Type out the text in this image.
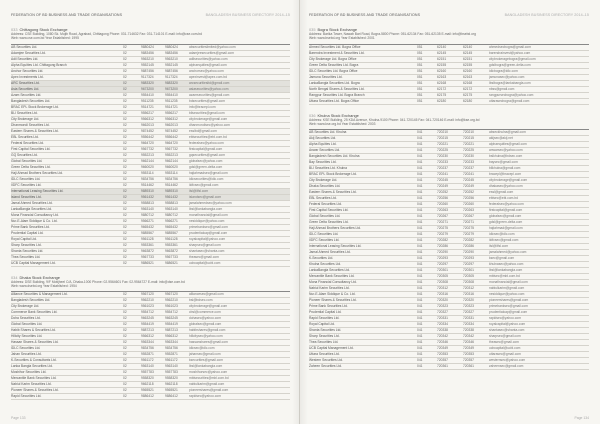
FEDERATION OF BD BUSINESS AND TRADE ORGANISATIONS	BANGLADESH BUSINESS DIRECTORY 2014–15
033 Chittagong Stock Exchange
Address: CSE Building, 1080 Sk. Mujib Road, Agrabad, Chittagong Phone: 031-714632 Fax: 031-714101 E-mail: info@cse.com.bd
Web: www.cse.com.bd Year Established: 1995
AB Securities Ltd.	02	9880424	9880424	absecuritieslimited@yahoo.com
Adamjee Securities Ltd.	02	9883456	9883456	adamjeesecurities@gmail.com
Adil Securities Ltd.	02	9563210	9563210	adilsecurities@yahoo.com
Alpha Equities Ltd. Chittagong Branch	02	9552145	9552145	alphaequities@gmail.com
Anchor Securities Ltd.	02	9887456	9887456	anchorsec@yahoo.com
Apex Investments Ltd.	02	9117324	9117324	apexinvest@apex.com.bd
ARC Securities Ltd.	02	9883320	9883320	arcsecuritiesltd@gmail.com
Asia Securities Ltd.	02	9673200	9673200	asiasecurities@yahoo.com
Azam Securities Ltd.	02	9554410	9554410	azamsecurities@gmail.com
Bangladesh Securities Ltd.	02	9511235	9511235	bdsecurities@gmail.com
BRAC EPL Stock Brokerage Ltd.	02	9514721	9514721	info@bracepl.com
BLI Securities Ltd.	02	9556217	9556217	blisecurities@gmail.com
City Brokerage Ltd.	02	9566312	9566312	citybrokerage@gmail.com
Dhanmondi Securities Ltd.	02	9662013	9662013	dhanmondisec@yahoo.com
Eastern Shares & Securities Ltd.	02	9874452	9874452	esslbd@gmail.com
EBL Securities Ltd.	02	9556442	9556442	eblsecurities@ebl.com.bd
Federal Securities Ltd.	02	9664720	9664720	federalsec@yahoo.com
First Capital Securities Ltd.	02	9567732	9567732	firstcapital@gmail.com
GQ Securities Ltd.	02	9552213	9552213	gqsecurities@gmail.com
Global Securities Ltd.	02	9662144	9662144	globalsec@yahoo.com
Green Delta Securities Ltd.	02	9660020	9660020	gdsl@green-delta.com
Haji Ahmad Brothers Securities Ltd.	02	9553114	9553114	hajiahmadsec@gmail.com
IDLC Securities Ltd.	02	9834756	9834756	idlcsecurities@idlc.com
IIDFC Securities Ltd.	02	9514462	9514462	iidfcsec@gmail.com
International Leasing Securities Ltd.	02	9889310	9889310	ilsl@ilfsl.com
Island Securities Ltd.	02	9561432	9561432	islandsec@gmail.com
Jamal Ahmed Securities Ltd.	02	9558813	9558813	jamalahmedsec@yahoo.com
LankaBangla Securities Ltd.	02	9563140	9563140	lbsl@lankabangla.com
Mona Financial Consultancy Ltd.	02	9880712	9880712	monafinancial@gmail.com
Nur-E-Alam Siddique & Co. Ltd.	02	9566271	9566271	nesiddique@yahoo.com
Prime Bank Securities Ltd.	02	9665432	9665432	primebanksec@gmail.com
Prudential Capital Ltd.	02	9885567	9885567	prudentialcap@gmail.com
Royal Capital Ltd.	02	9561128	9561128	royalcapital@yahoo.com
Sharp Securities Ltd.	02	9553361	9553361	sharpsec@gmail.com
Shanta Securities Ltd.	02	9663872	9663872	shantasec@shanta.com
Thea Securities Ltd.	02	9567733	9567733	theasec@gmail.com
UCB Capital Management Ltd.	02	9886521	9886521	ucbcapital@ucbl.com
034 Dhaka Stock Exchange
Address: DSE Building, 9/F Motijheel C/A, Dhaka-1000 Phone: 02-9564601 Fax: 02-9564727 E-mail: info@dse.com.bd
Web: www.dsebd.org Year Established: 1954
Alliance Securities & Management Ltd.	02	9567120	9567120	alliancesec@gmail.com
Bangladesh Securities Ltd.	02	9562210	9562210	bsl@bdsec.com
City Brokerage Ltd.	02	9561023	9561023	citybrokerage@gmail.com
Commerce Bank Securities Ltd.	02	9554712	9554712	cbsl@commerce.com
Doha Securities Ltd.	02	9663245	9663245	dohasec@yahoo.com
Global Securities Ltd.	02	9554419	9554419	globalsec@gmail.com
Habib Shares & Securities Ltd.	02	9887213	9887213	habibshares@gmail.com
Hillcity Securities Ltd.	02	9566312	9566312	hillcitysec@yahoo.com
Hassan Shares & Securities Ltd.	02	9563344	9563344	hassanshares@gmail.com
IDLC Securities Ltd.	02	9834756	9834756	idlcsec@idlc.com
Jahan Securities Ltd.	02	9552871	9552871	jahansec@gmail.com
K-Securities & Consultants Ltd.	02	9561172	9561172	ksecurities@gmail.com
Lanka Bangla Securities Ltd.	02	9563140	9563140	lbsl@lankabangla.com
Moshihor Securities Ltd.	02	9557783	9557783	moshihorsec@yahoo.com
Mercantile Bank Securities Ltd.	02	9558320	9558320	mblsecurities@mbl.com.bd
Nabiul Karim Securities Ltd.	02	9662118	9662118	nabiulkarim@gmail.com
Pioneer Shares & Securities Ltd.	02	9565521	9565521	pioneershares@gmail.com
Rapid Securities Ltd.	02	9886412	9886412	rapidsec@yahoo.com
Page 133
FEDERATION OF BD BUSINESS AND TRADE ORGANISATIONS	BANGLADESH BUSINESS DIRECTORY 2014–15
035 Bogra Stock Exchange
Address: Barika Tower, Nawab Bari Road, Bogra-5800 Phone: 051-62134 Fax: 051-62135 E-mail: info@bsebd.org
Web: www.bsebd.org Year Established: 2001
Ahmed Securities Ltd. Bogra Office	051	62140	62140	ahmedsecbogra@gmail.com
Barendra Investment & Securities Ltd.	051	62145	62145	barendrainvest@yahoo.com
City Brokerage Ltd. Bogra Office	051	62151	62151	citybrokeragebogra@gmail.com
Green Delta Securities Ltd. Bogra	051	62155	62155	gdslbogra@green-delta.com
IDLC Securities Ltd. Bogra Office	051	62160	62160	idlcbogra@idlc.com
Jamuna Securities Ltd.	051	62163	62163	jamunasec@yahoo.com
LankaBangla Securities Ltd. Bogra	051	62168	62168	lbslbogra@lankabangla.com
North Bengal Shares & Securities Ltd.	051	62172	62172	nbss@gmail.com
Rangpur Securities Ltd. Bogra Branch	051	62175	62175	rangpursecbogra@yahoo.com
Uttara Securities Ltd. Bogra Office	051	62180	62180	uttarasecbogra@gmail.com
036 Khulna Stock Exchange
Address: KSE Building, 25 KDA Avenue, Khulna-9100 Phone: 041-720145 Fax: 041-720146 E-mail: info@kse.org.bd
Web: www.kse.org.bd Year Established: 2003
AB Securities Ltd. Khulna	041	720210	720210	abseckhulna@gmail.com
Akij Securities Ltd.	041	720215	720215	akijsec@akij.net
Alpha Equities Ltd.	041	720221	720221	alphaequities@gmail.com
Anwar Securities Ltd.	041	720225	720225	anwarsec@yahoo.com
Bangladesh Securities Ltd. Khulna	041	720230	720230	bslkhulna@bdsec.com
Bay Securities Ltd.	041	720233	720233	baysec@gmail.com
BLI Securities Ltd. Khulna	041	720237	720237	blikhulna@gmail.com
BRAC EPL Stock Brokerage Ltd.	041	720241	720241	bracepl@bracepl.com
City Brokerage Ltd.	041	720245	720245	citybrokerage@gmail.com
Dhaka Securities Ltd.	041	720249	720249	dhakasec@yahoo.com
Eastern Shares & Securities Ltd.	041	720252	720252	essl@gmail.com
EBL Securities Ltd.	041	720256	720256	eblsec@ebl.com.bd
Federal Securities Ltd.	041	720260	720260	federalsec@yahoo.com
First Capital Securities Ltd.	041	720263	720263	firstcapital@gmail.com
Global Securities Ltd.	041	720267	720267	globalsec@gmail.com
Green Delta Securities Ltd.	041	720271	720271	gdsl@green-delta.com
Haji Ahmad Brothers Securities Ltd.	041	720275	720275	hajiahmad@gmail.com
IDLC Securities Ltd.	041	720279	720279	idlcsec@idlc.com
IIDFC Securities Ltd.	041	720282	720282	iidfcsec@gmail.com
International Leasing Securities Ltd.	041	720286	720286	ilsl@ilfsl.com
Jamal Ahmed Securities Ltd.	041	720290	720290	jamalahmed@yahoo.com
K-Securities Ltd.	041	720293	720293	ksec@gmail.com
Khulna Securities Ltd.	041	720297	720297	khulnasec@yahoo.com
LankaBangla Securities Ltd.	041	720301	720301	lbsl@lankabangla.com
Mercantile Bank Securities Ltd.	041	720305	720305	mblsec@mbl.com.bd
Mona Financial Consultancy Ltd.	041	720308	720308	monafinancial@gmail.com
Nabiul Karim Securities Ltd.	041	720312	720312	nabiulkarim@gmail.com
Nur-E-Alam Siddique & Co. Ltd.	041	720316	720316	nesiddique@yahoo.com
Pioneer Shares & Securities Ltd.	041	720320	720320	pioneershares@gmail.com
Prime Bank Securities Ltd.	041	720323	720323	primebanksec@gmail.com
Prudential Capital Ltd.	041	720327	720327	prudentialcap@gmail.com
Rapid Securities Ltd.	041	720331	720331	rapidsec@yahoo.com
Royal Capital Ltd.	041	720334	720334	royalcapital@yahoo.com
Shanta Securities Ltd.	041	720338	720338	shantasec@shanta.com
Sharp Securities Ltd.	041	720342	720342	sharpsec@gmail.com
Thea Securities Ltd.	041	720346	720346	theasec@gmail.com
UCB Capital Management Ltd.	041	720349	720349	ucbcapital@ucbl.com
Uttara Securities Ltd.	041	720353	720353	uttarasec@gmail.com
Western Securities Ltd.	041	720357	720357	westernsec@yahoo.com
Zaheen Securities Ltd.	041	720361	720361	zaheensec@gmail.com
Page 134
